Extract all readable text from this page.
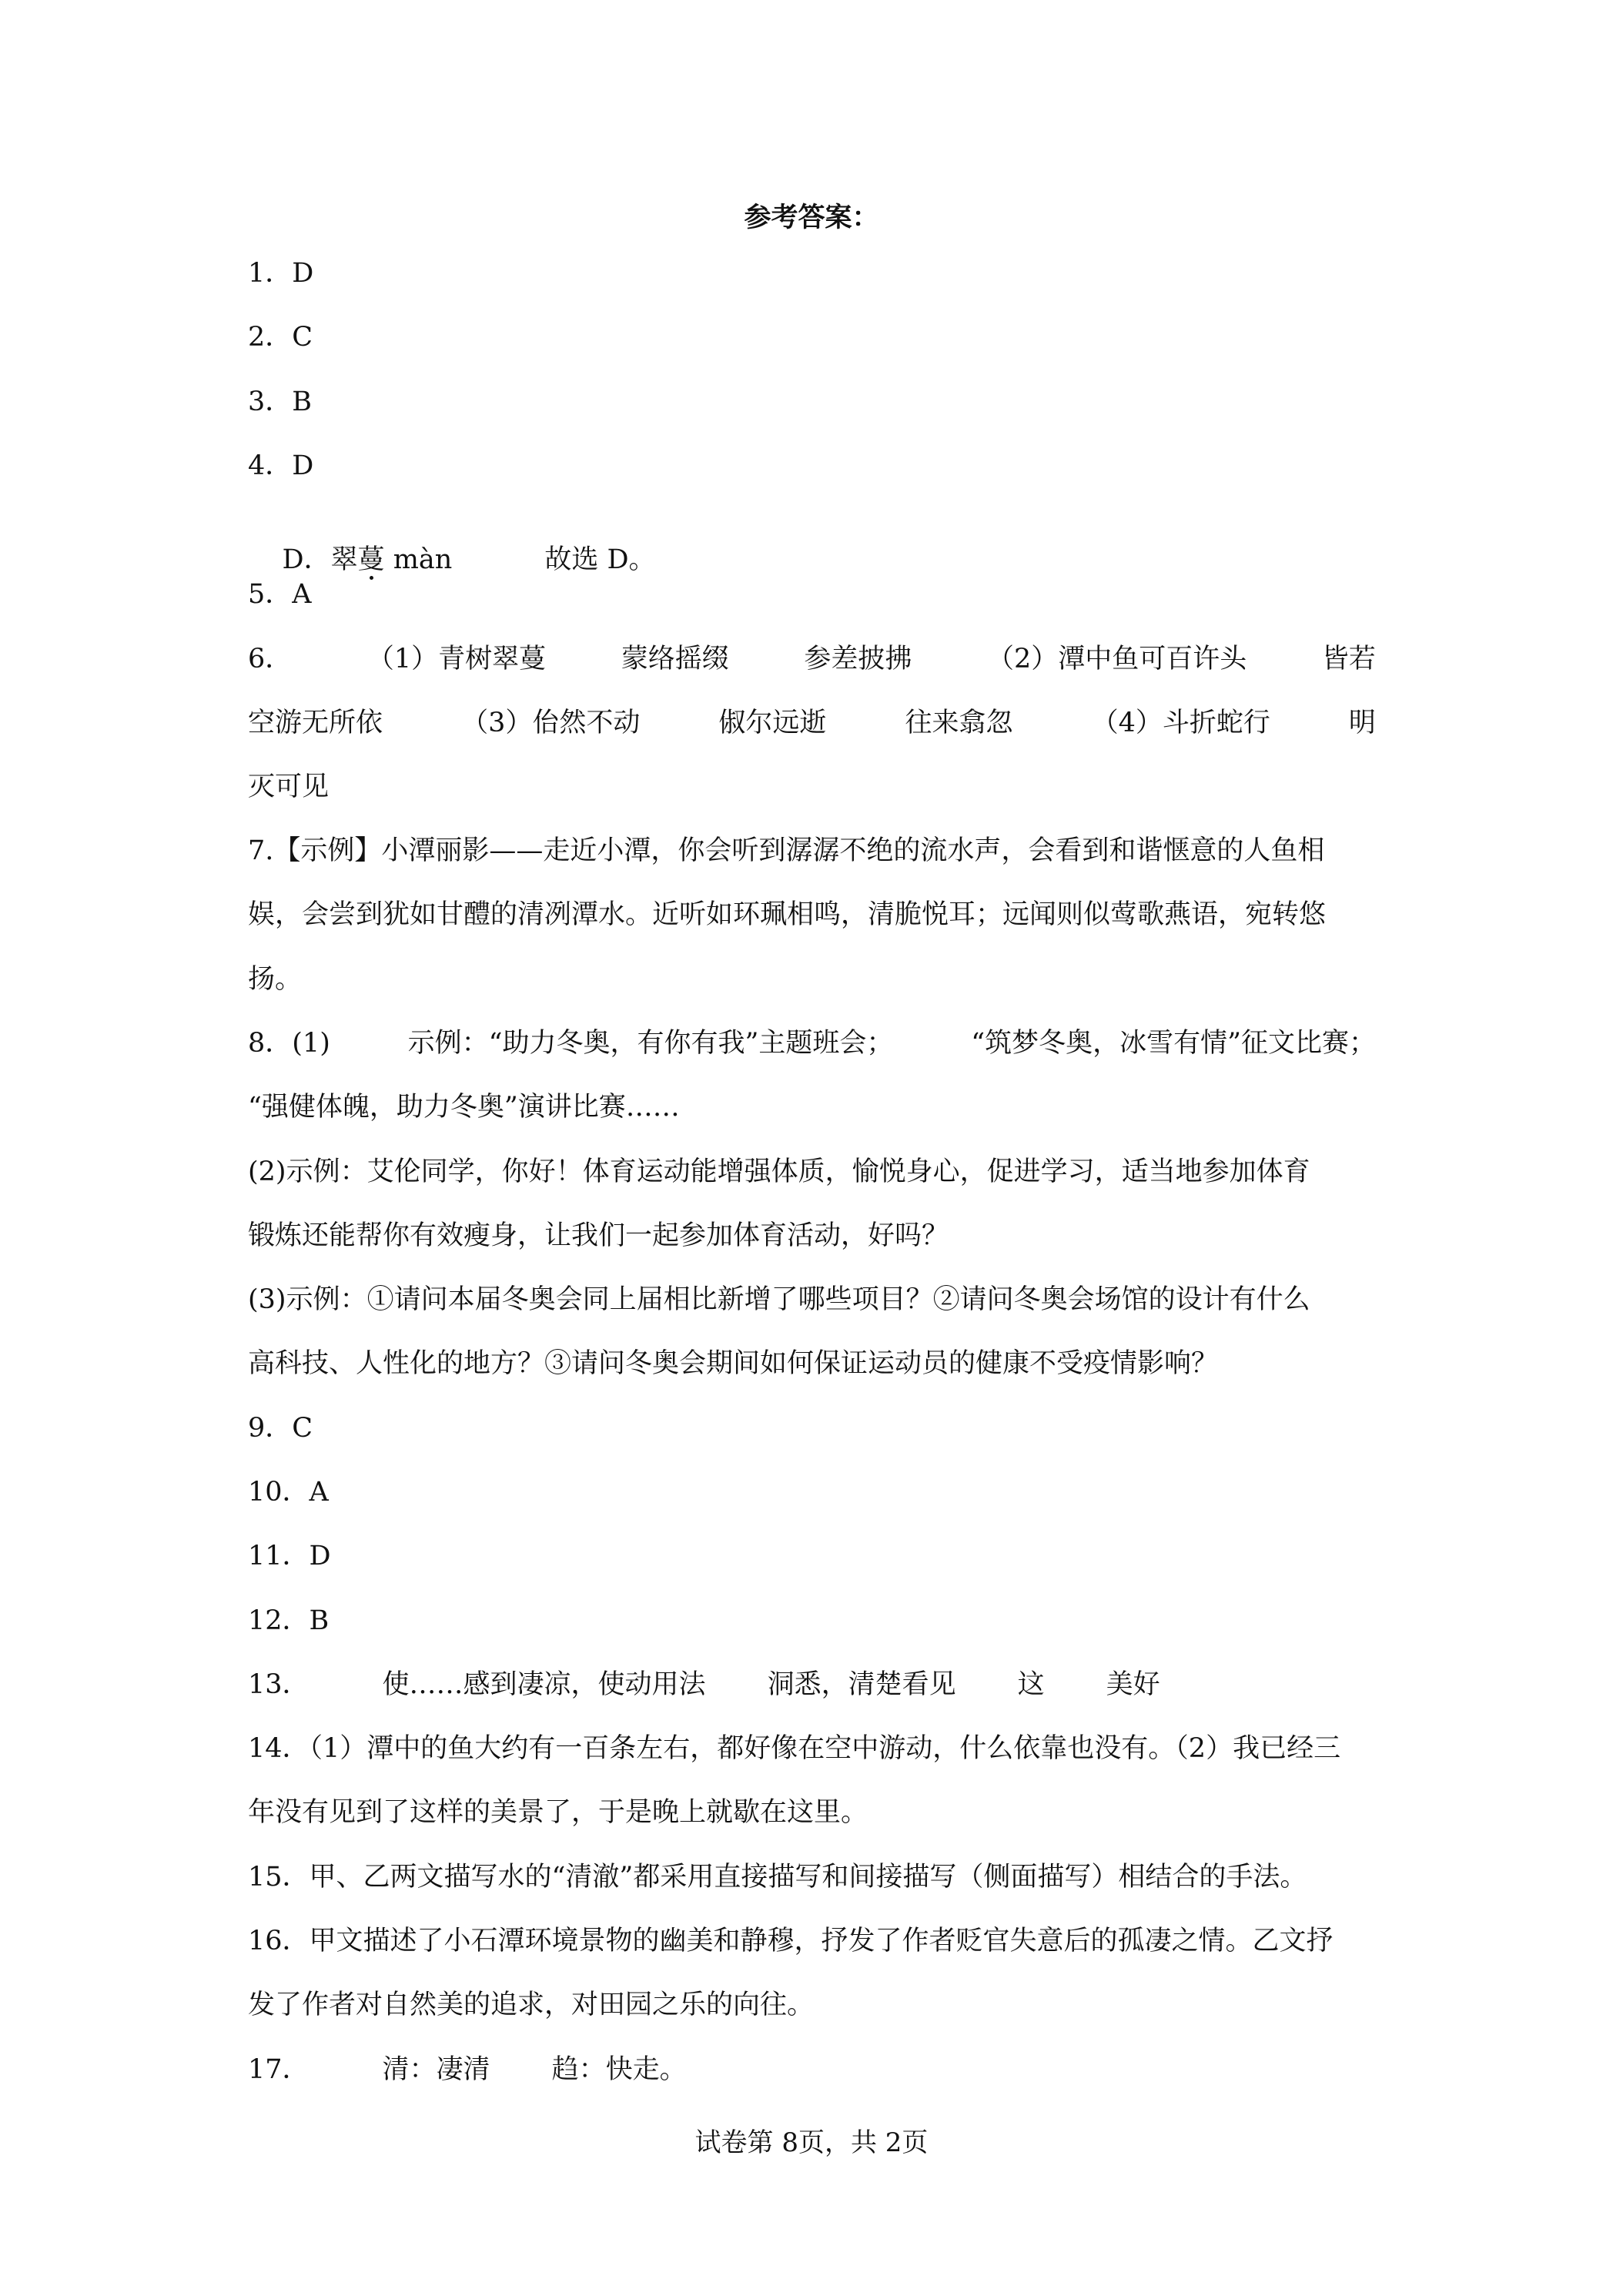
参考答案：
1．D
2．C
3．B
4．D

D．翠蔓 màn	故选 D。

5．A
6．	（1）青树翠蔓	蒙络摇缀	参差披拂	（2）潭中鱼可百许头	皆若
空游无所依	（3）佁然不动	俶尔远逝	往来翕忽	（4）斗折蛇行	明
灭可见
7.【示例】小潭丽影——走近小潭，你会听到潺潺不绝的流水声，会看到和谐惬意的人鱼相
娱，会尝到犹如甘醴的清冽潭水。近听如环珮相鸣，清脆悦耳；远闻则似莺歌燕语，宛转悠
扬。
8．(1)	示例：“助力冬奥，有你有我”主题班会；	“筑梦冬奥，冰雪有情”征文比赛；
“强健体魄，助力冬奥”演讲比赛……
(2)示例：艾伦同学，你好！体育运动能增强体质，愉悦身心，促进学习，适当地参加体育
锻炼还能帮你有效瘦身，让我们一起参加体育活动，好吗？
(3)示例：①请问本届冬奥会同上届相比新增了哪些项目？②请问冬奥会场馆的设计有什么
高科技、人性化的地方？③请问冬奥会期间如何保证运动员的健康不受疫情影响？
9．C
10．A
11．D
12．B
13．	使……感到凄凉，使动用法 洞悉，清楚看见 这 美好
14．（1）潭中的鱼大约有一百条左右，都好像在空中游动，什么依靠也没有。（2）我已经三
年没有见到了这样的美景了，于是晚上就歇在这里。
15．甲、乙两文描写水的“清澈”都采用直接描写和间接描写（侧面描写）相结合的手法。
16．甲文描述了小石潭环境景物的幽美和静穆，抒发了作者贬官失意后的孤凄之情。乙文抒
发了作者对自然美的追求，对田园之乐的向往。
17．	清：凄清 趋：快走。
试卷第 8页，共 2页
